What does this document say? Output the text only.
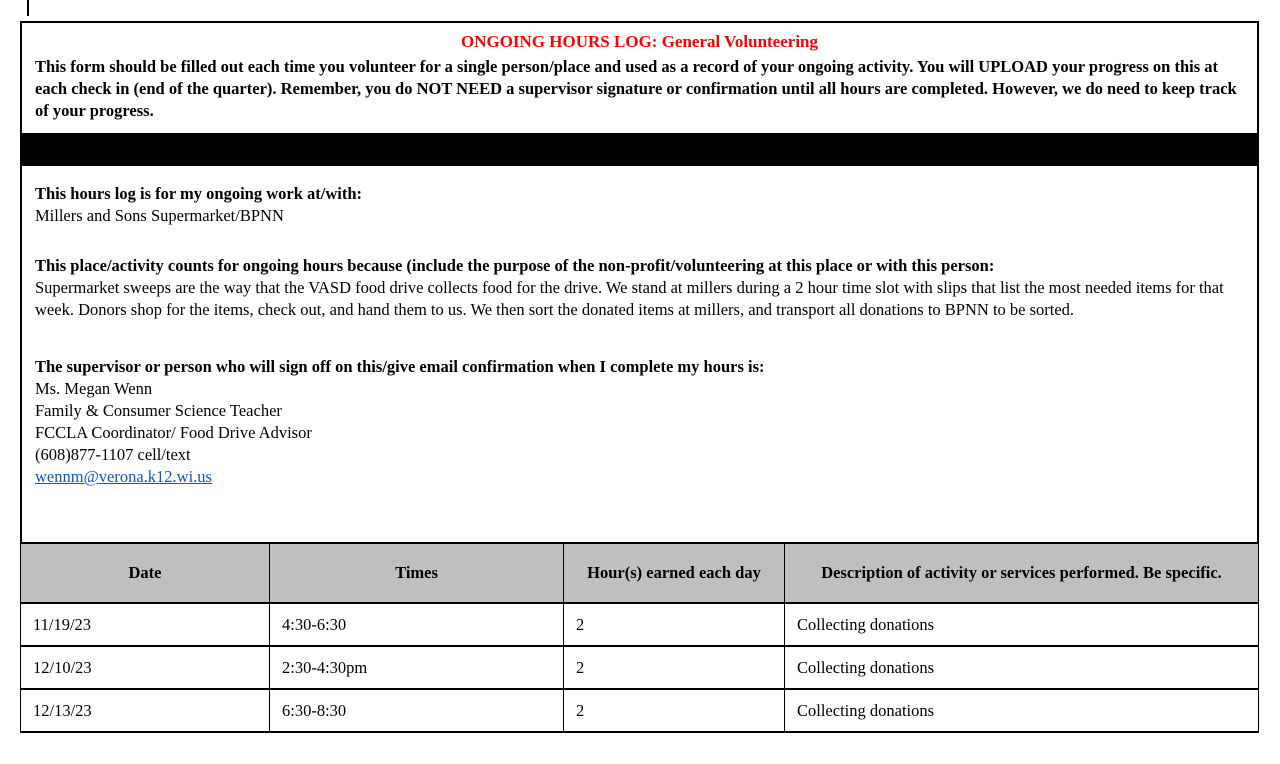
ONGOING HOURS LOG: General Volunteering
This form should be filled out each time you volunteer for a single person/place and used as a record of your ongoing activity. You will UPLOAD your progress on this at each check in (end of the quarter). Remember, you do NOT NEED a supervisor signature or confirmation until all hours are completed. However, we do need to keep track of your progress.
This hours log is for my ongoing work at/with:
Millers and Sons Supermarket/BPNN
This place/activity counts for ongoing hours because (include the purpose of the non-profit/volunteering at this place or with this person:
Supermarket sweeps are the way that the VASD food drive collects food for the drive. We stand at millers during a 2 hour time slot with slips that list the most needed items for that week. Donors shop for the items, check out, and hand them to us. We then sort the donated items at millers, and transport all donations to BPNN to be sorted.
The supervisor or person who will sign off on this/give email confirmation when I complete my hours is:
Ms. Megan Wenn
Family & Consumer Science Teacher
FCCLA Coordinator/ Food Drive Advisor
(608)877-1107 cell/text
wennm@verona.k12.wi.us
Date	Times	Hour(s) earned each day	Description of activity or services performed. Be specific.
11/19/23	4:30-6:30	2	Collecting donations
12/10/23	2:30-4:30pm	2	Collecting donations
12/13/23	6:30-8:30	2	Collecting donations
